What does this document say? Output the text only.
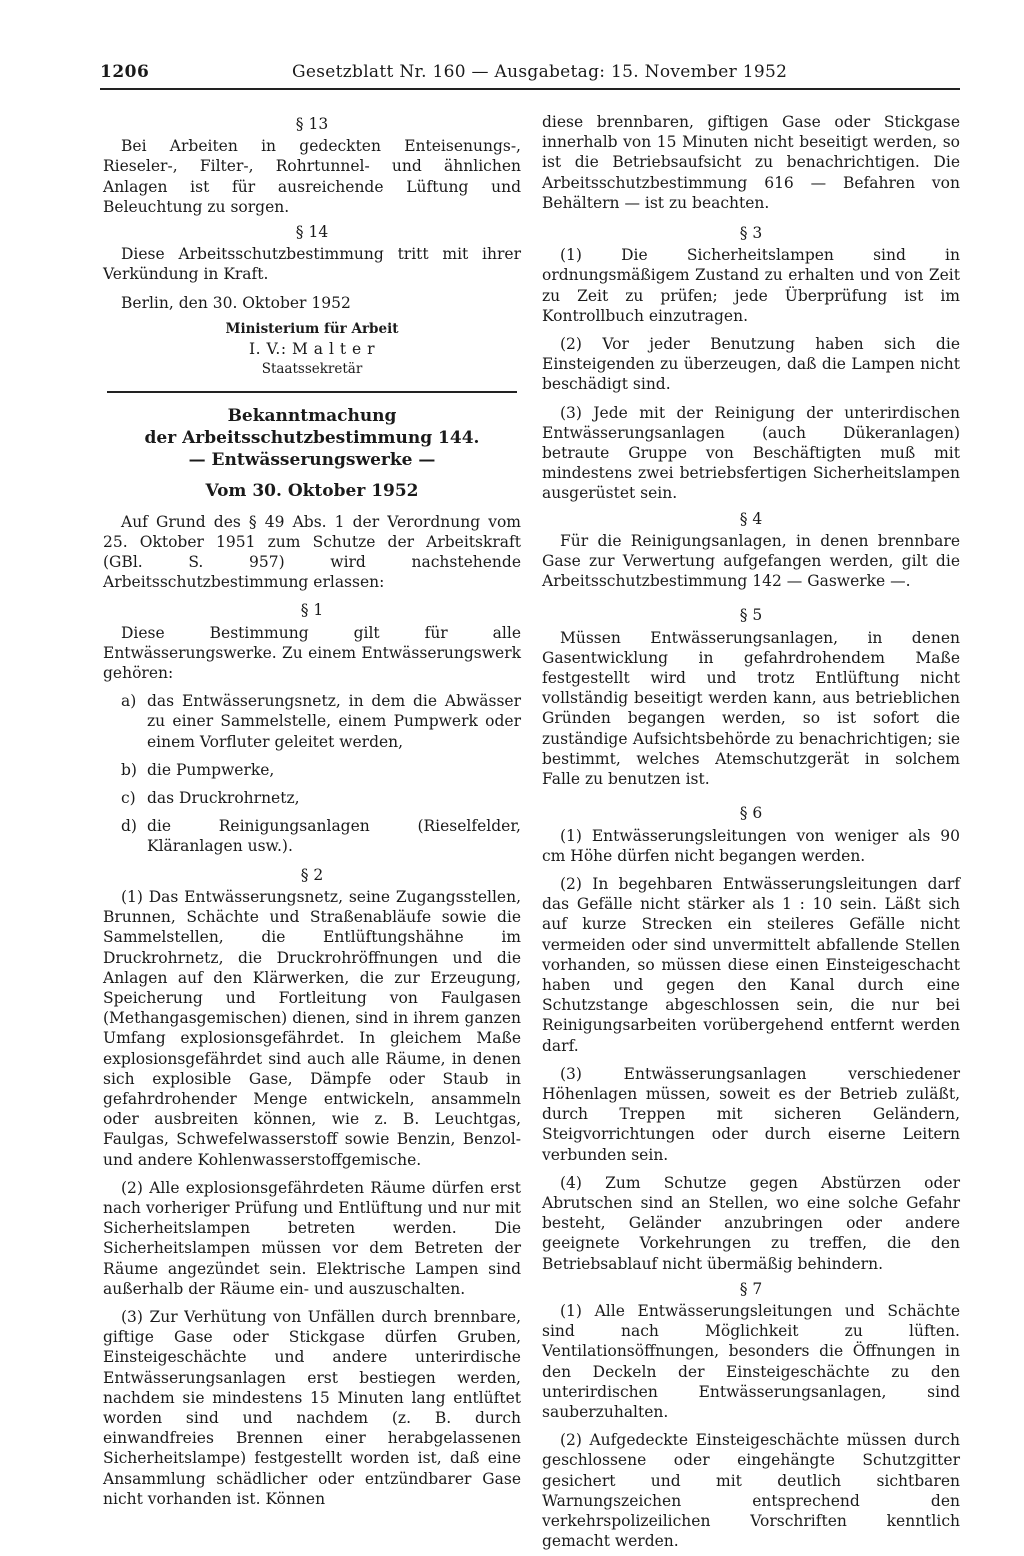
1206	Gesetzblatt Nr. 160 — Ausgabetag: 15. November 1952
§ 13

Bei Arbeiten in gedeckten Enteisenungs-, Rieseler-, Filter-, Rohrtunnel- und ähnlichen Anlagen ist für ausreichende Lüftung und Beleuchtung zu sorgen.

§ 14

Diese Arbeitsschutzbestimmung tritt mit ihrer Verkündung in Kraft.

Berlin, den 30. Oktober 1952

Ministerium für Arbeit
I. V.: M a l t e r
Staatssekretär
Bekanntmachung
der Arbeitsschutzbestimmung 144.
— Entwässerungswerke —
Vom 30. Oktober 1952

Auf Grund des § 49 Abs. 1 der Verordnung vom 25. Oktober 1951 zum Schutze der Arbeitskraft (GBl. S. 957) wird nachstehende Arbeitsschutzbestimmung erlassen:

§ 1

Diese Bestimmung gilt für alle Entwässerungswerke. Zu einem Entwässerungswerk gehören:

a) das Entwässerungsnetz, in dem die Abwässer zu einer Sammelstelle, einem Pumpwerk oder einem Vorfluter geleitet werden,
b) die Pumpwerke,
c) das Druckrohrnetz,
d) die Reinigungsanlagen (Rieselfelder, Kläranlagen usw.).
§ 2

(1) Das Entwässerungsnetz, seine Zugangsstellen, Brunnen, Schächte und Straßenabläufe sowie die Sammelstellen, die Entlüftungshähne im Druckrohrnetz, die Druckrohröffnungen und die Anlagen auf den Klärwerken, die zur Erzeugung, Speicherung und Fortleitung von Faulgasen (Methangasgemischen) dienen, sind in ihrem ganzen Umfang explosionsgefährdet. In gleichem Maße explosionsgefährdet sind auch alle Räume, in denen sich explosible Gase, Dämpfe oder Staub in gefahrdrohender Menge entwickeln, ansammeln oder ausbreiten können, wie z. B. Leuchtgas, Faulgas, Schwefelwasserstoff sowie Benzin, Benzol- und andere Kohlenwasserstoffgemische.

(2) Alle explosionsgefährdeten Räume dürfen erst nach vorheriger Prüfung und Entlüftung und nur mit Sicherheitslampen betreten werden. Die Sicherheitslampen müssen vor dem Betreten der Räume angezündet sein. Elektrische Lampen sind außerhalb der Räume ein- und auszuschalten.

(3) Zur Verhütung von Unfällen durch brennbare, giftige Gase oder Stickgase dürfen Gruben, Einsteigeschächte und andere unterirdische Entwässerungsanlagen erst bestiegen werden, nachdem sie mindestens 15 Minuten lang entlüftet worden sind und nachdem (z. B. durch einwandfreies Brennen einer herabgelassenen Sicherheitslampe) festgestellt worden ist, daß eine Ansammlung schädlicher oder entzündbarer Gase nicht vorhanden ist. Können

diese brennbaren, giftigen Gase oder Stickgase innerhalb von 15 Minuten nicht beseitigt werden, so ist die Betriebsaufsicht zu benachrichtigen. Die Arbeitsschutzbestimmung 616 — Befahren von Behältern — ist zu beachten.

§ 3

(1) Die Sicherheitslampen sind in ordnungsmäßigem Zustand zu erhalten und von Zeit zu Zeit zu prüfen; jede Überprüfung ist im Kontrollbuch einzutragen.

(2) Vor jeder Benutzung haben sich die Einsteigenden zu überzeugen, daß die Lampen nicht beschädigt sind.

(3) Jede mit der Reinigung der unterirdischen Entwässerungsanlagen (auch Dükeranlagen) betraute Gruppe von Beschäftigten muß mit mindestens zwei betriebsfertigen Sicherheitslampen ausgerüstet sein.

§ 4

Für die Reinigungsanlagen, in denen brennbare Gase zur Verwertung aufgefangen werden, gilt die Arbeitsschutzbestimmung 142 — Gaswerke —.

§ 5

Müssen Entwässerungsanlagen, in denen Gasentwicklung in gefahrdrohendem Maße festgestellt wird und trotz Entlüftung nicht vollständig beseitigt werden kann, aus betrieblichen Gründen begangen werden, so ist sofort die zuständige Aufsichtsbehörde zu benachrichtigen; sie bestimmt, welches Atemschutzgerät in solchem Falle zu benutzen ist.

§ 6

(1) Entwässerungsleitungen von weniger als 90 cm Höhe dürfen nicht begangen werden.

(2) In begehbaren Entwässerungsleitungen darf das Gefälle nicht stärker als 1 : 10 sein. Läßt sich auf kurze Strecken ein steileres Gefälle nicht vermeiden oder sind unvermittelt abfallende Stellen vorhanden, so müssen diese einen Einsteigeschacht haben und gegen den Kanal durch eine Schutzstange abgeschlossen sein, die nur bei Reinigungsarbeiten vorübergehend entfernt werden darf.

(3) Entwässerungsanlagen verschiedener Höhenlagen müssen, soweit es der Betrieb zuläßt, durch Treppen mit sicheren Geländern, Steigvorrichtungen oder durch eiserne Leitern verbunden sein.

(4) Zum Schutze gegen Abstürzen oder Abrutschen sind an Stellen, wo eine solche Gefahr besteht, Geländer anzubringen oder andere geeignete Vorkehrungen zu treffen, die den Betriebsablauf nicht übermäßig behindern.

§ 7

(1) Alle Entwässerungsleitungen und Schächte sind nach Möglichkeit zu lüften. Ventilationsöffnungen, besonders die Öffnungen in den Deckeln der Einsteigeschächte zu den unterirdischen Entwässerungsanlagen, sind sauberzuhalten.

(2) Aufgedeckte Einsteigeschächte müssen durch geschlossene oder eingehängte Schutzgitter gesichert und mit deutlich sichtbaren Warnungszeichen entsprechend den verkehrspolizeilichen Vorschriften kenntlich gemacht werden.
